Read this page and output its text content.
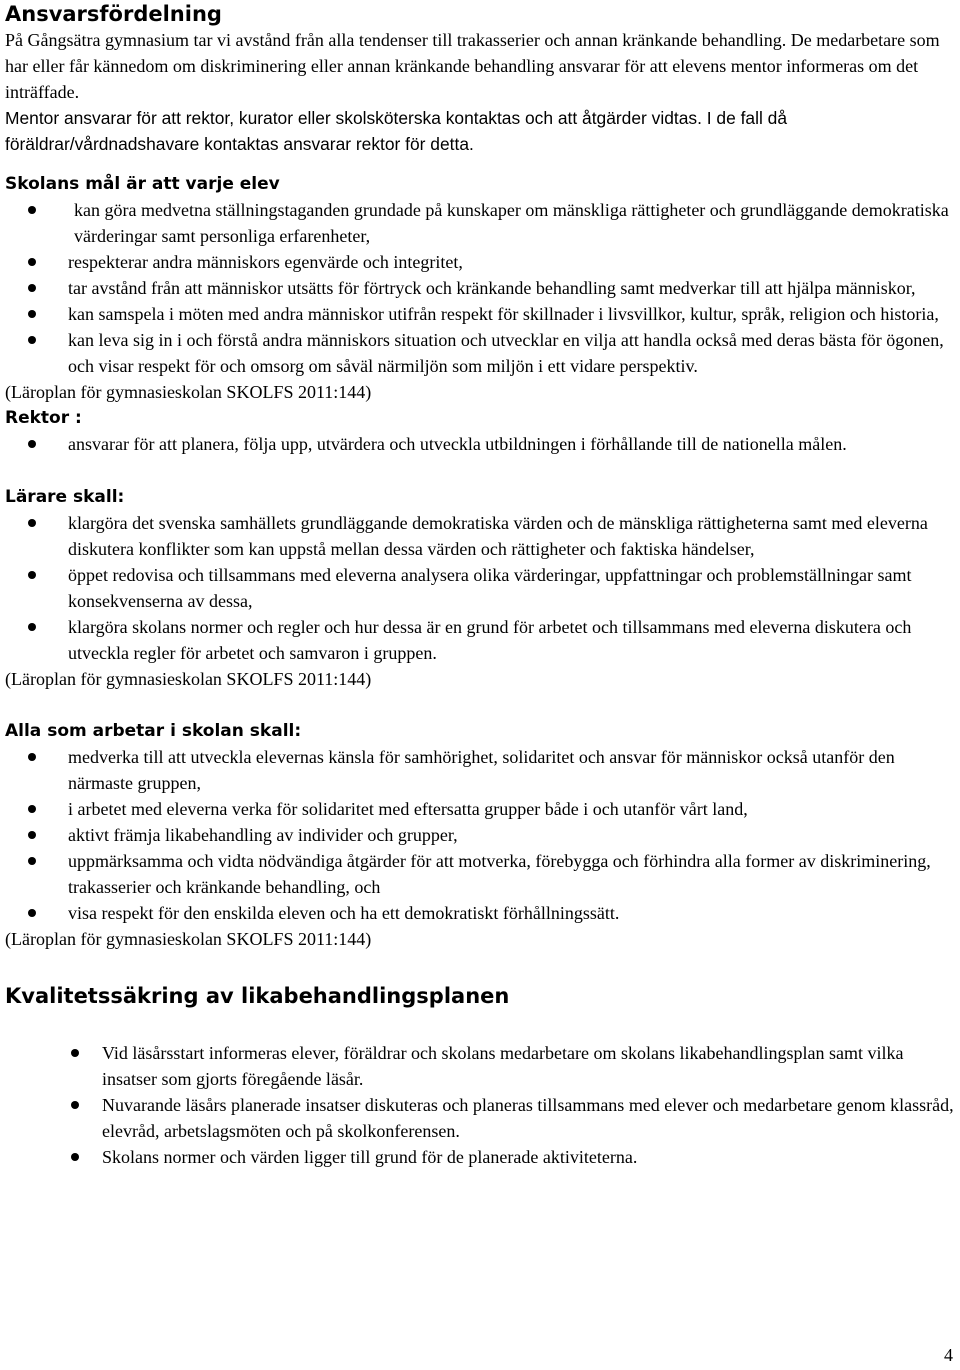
Ansvarsfördelning

På Gångsätra gymnasium tar vi avstånd från alla tendenser till trakasserier och annan kränkande behandling. De medarbetare som har eller får kännedom om diskriminering eller annan kränkande behandling ansvarar för att elevens mentor informeras om det inträffade.

Mentor ansvarar för att rektor, kurator eller skolsköterska kontaktas och att åtgärder vidtas. I de fall då föräldrar/vårdnadshavare kontaktas ansvarar rektor för detta.

Skolans mål är att varje elev
kan göra medvetna ställningstaganden grundade på kunskaper om mänskliga rättigheter och grundläggande demokratiska värderingar samt personliga erfarenheter,
respekterar andra människors egenvärde och integritet,
tar avstånd från att människor utsätts för förtryck och kränkande behandling samt medverkar till att hjälpa människor,
kan samspela i möten med andra människor utifrån respekt för skillnader i livsvillkor, kultur, språk, religion och historia,
kan leva sig in i och förstå andra människors situation och utvecklar en vilja att handla också med deras bästa för ögonen, och visar respekt för och omsorg om såväl närmiljön som miljön i ett vidare perspektiv.

(Läroplan för gymnasieskolan SKOLFS 2011:144)

Rektor :
ansvarar för att planera, följa upp, utvärdera och utveckla utbildningen i förhållande till de nationella målen.
Lärare skall:
klargöra det svenska samhällets grundläggande demokratiska värden och de mänskliga rättigheterna samt med eleverna diskutera konflikter som kan uppstå mellan dessa värden och rättigheter och faktiska händelser,
öppet redovisa och tillsammans med eleverna analysera olika värderingar, uppfattningar och problemställningar samt konsekvenserna av dessa,
klargöra skolans normer och regler och hur dessa är en grund för arbetet och tillsammans med eleverna diskutera och utveckla regler för arbetet och samvaron i gruppen.

(Läroplan för gymnasieskolan SKOLFS 2011:144)

Alla som arbetar i skolan skall:
medverka till att utveckla elevernas känsla för samhörighet, solidaritet och ansvar för människor också utanför den närmaste gruppen,
i arbetet med eleverna verka för solidaritet med eftersatta grupper både i och utanför vårt land,
aktivt främja likabehandling av individer och grupper,
uppmärksamma och vidta nödvändiga åtgärder för att motverka, förebygga och förhindra alla former av diskriminering, trakasserier och kränkande behandling, och
visa respekt för den enskilda eleven och ha ett demokratiskt förhållningssätt.

(Läroplan för gymnasieskolan SKOLFS 2011:144)

Kvalitetssäkring av likabehandlingsplanen
Vid läsårsstart informeras elever, föräldrar och skolans medarbetare om skolans likabehandlingsplan samt vilka insatser som gjorts föregående läsår.
Nuvarande läsårs planerade insatser diskuteras och planeras tillsammans med elever och medarbetare genom klassråd, elevråd, arbetslagsmöten och på skolkonferensen.
Skolans normer och värden ligger till grund för de planerade aktiviteterna.
4
